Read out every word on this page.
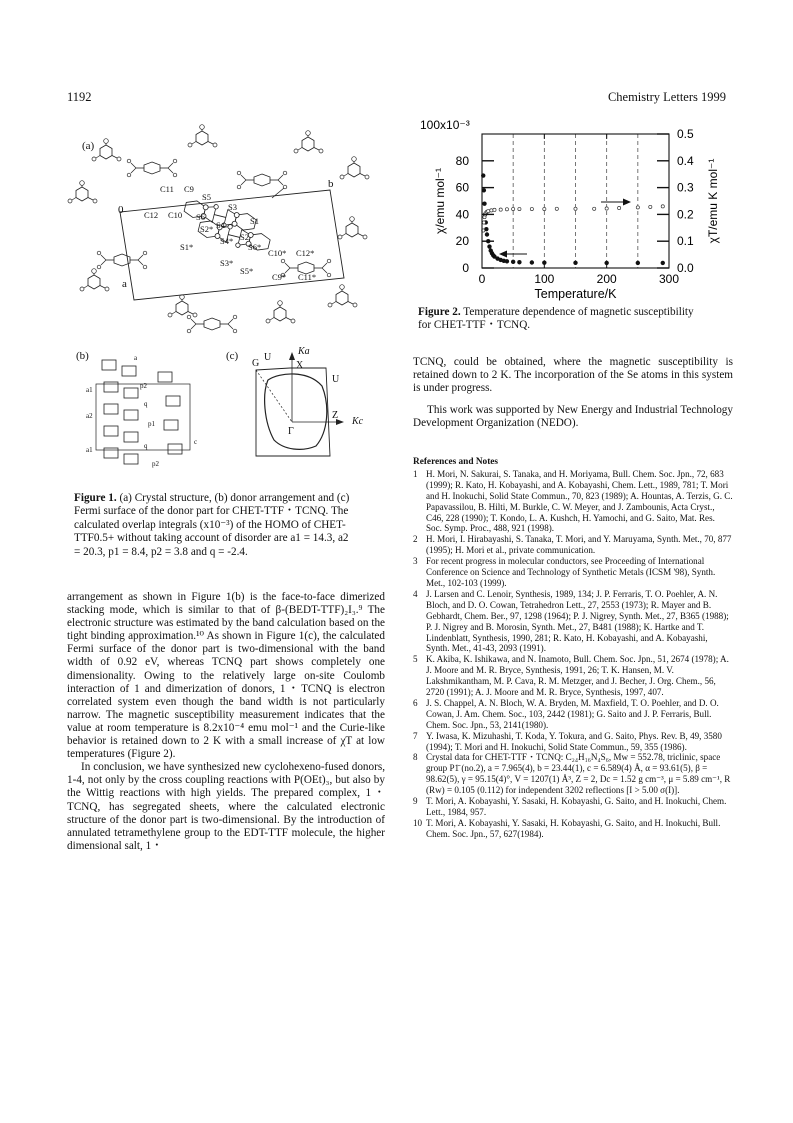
1192	Chemistry Letters 1999
(a)
b
a
0
C11 C9
S5
C12 C10 S6
S3
S4	S1
S2*
S2
S4*
S1*	S6*
C10* C12*
S3*
S5*
C9* C11*
(b)	a
a1	p2
q
a2
p1
c
a1	q
p2
(c)	Ka
Kc
G
U
X
U
Z
Γ
Figure 1. (a) Crystal structure, (b) donor arrangement and (c)
Fermi surface of the donor part for CHET-TTF・TCNQ. The
calculated overlap integrals (x10⁻³) of the HOMO of CHET-
TTF0.5+ without taking account of disorder are a1 = 14.3, a2
= 20.3, p1 = 8.4, p2 = 3.8 and q = -2.4.
0	100	200	300
0
20
40
60
80
0.0
0.1
0.2
0.3
0.4
0.5
Temperature/K
χ/emu mol⁻¹	χT/emu K mol⁻¹
100x10⁻³
Figure 2. Temperature dependence of magnetic susceptibility
for CHET-TTF・TCNQ.

arrangement as shown in Figure 1(b) is the face-to-face dimerized stacking mode, which is similar to that of β-(BEDT-TTF)₂I₃.⁹ The electronic structure was estimated by the band calculation based on the tight binding approximation.¹⁰ As shown in Figure 1(c), the calculated Fermi surface of the donor part is two-dimensional with the band width of 0.92 eV, whereas TCNQ part shows completely one dimensionality. Owing to the relatively large on-site Coulomb interaction of 1 and dimerization of donors, 1・TCNQ is electron correlated system even though the band width is not particularly narrow. The magnetic susceptibility measurement indicates that the value at room temperature is 8.2x10⁻⁴ emu mol⁻¹ and the Curie-like behavior is retained down to 2 K with a small increase of χT at low temperatures (Figure 2).

In conclusion, we have synthesized new cyclohexeno-fused donors, 1-4, not only by the cross coupling reactions with P(OEt)₃, but also by the Wittig reactions with high yields. The prepared complex, 1・TCNQ, has segregated sheets, where the calculated electronic structure of the donor part is two-dimensional. By the introduction of annulated tetramethylene group to the EDT-TTF molecule, the higher dimensional salt, 1・

TCNQ, could be obtained, where the magnetic susceptibility is retained down to 2 K. The incorporation of the Se atoms in this system is under progress.

This work was supported by New Energy and Industrial Technology Development Organization (NEDO).

References and Notes
1 H. Mori, N. Sakurai, S. Tanaka, and H. Moriyama, Bull. Chem. Soc. Jpn., 72, 683 (1999); R. Kato, H. Kobayashi, and A. Kobayashi, Chem. Lett., 1989, 781; T. Mori and H. Inokuchi, Solid State Commun., 70, 823 (1989); A. Hountas, A. Terzis, G. C. Papavassilou, B. Hilti, M. Burkle, C. W. Meyer, and J. Zambounis, Acta Cryst., C46, 228 (1990); T. Kondo, L. A. Kushch, H. Yamochi, and G. Saito, Mat. Res. Soc. Symp. Proc., 488, 921 (1998).
2 H. Mori, I. Hirabayashi, S. Tanaka, T. Mori, and Y. Maruyama, Synth. Met., 70, 877 (1995); H. Mori et al., private communication.
3 For recent progress in molecular conductors, see Proceeding of International Conference on Science and Technology of Synthetic Metals (ICSM '98), Synth. Met., 102-103 (1999).
4 J. Larsen and C. Lenoir, Synthesis, 1989, 134; J. P. Ferraris, T. O. Poehler, A. N. Bloch, and D. O. Cowan, Tetrahedron Lett., 27, 2553 (1973); R. Mayer and B. Gebhardt, Chem. Ber., 97, 1298 (1964); P. J. Nigrey, Synth. Met., 27, B365 (1988); P. J. Nigrey and B. Morosin, Synth. Met., 27, B481 (1988); K. Hartke and T. Lindenblatt, Synthesis, 1990, 281; R. Kato, H. Kobayashi, and A. Kobayashi, Synth. Met., 41-43, 2093 (1991).
5 K. Akiba, K. Ishikawa, and N. Inamoto, Bull. Chem. Soc. Jpn., 51, 2674 (1978); A. J. Moore and M. R. Bryce, Synthesis, 1991, 26; T. K. Hansen, M. V. Lakshmikantham, M. P. Cava, R. M. Metzger, and J. Becher, J. Org. Chem., 56, 2720 (1991); A. J. Moore and M. R. Bryce, Synthesis, 1997, 407.
6 J. S. Chappel, A. N. Bloch, W. A. Bryden, M. Maxfield, T. O. Poehler, and D. O. Cowan, J. Am. Chem. Soc., 103, 2442 (1981); G. Saito and J. P. Ferraris, Bull. Chem. Soc. Jpn., 53, 2141(1980).
7 Y. Iwasa, K. Mizuhashi, T. Koda, Y. Tokura, and G. Saito, Phys. Rev. B, 49, 3580 (1994); T. Mori and H. Inokuchi, Solid State Commun., 59, 355 (1986).
8 Crystal data for CHET-TTF・TCNQ: C₂₄H₁₆N₄S₆, Mw = 552.78, triclinic, space group P1̄ (no.2), a = 7.965(4), b = 23.44(1), c = 6.589(4) Å, α = 93.61(5), β = 98.62(5), γ = 95.15(4)°, V = 1207(1) Å³, Z = 2, Dc = 1.52 g cm⁻³, μ = 5.89 cm⁻¹, R (Rw) = 0.105 (0.112) for independent 3202 reflections [I > 5.00 σ(I)].
9 T. Mori, A. Kobayashi, Y. Sasaki, H. Kobayashi, G. Saito, and H. Inokuchi, Chem. Lett., 1984, 957.
10 T. Mori, A. Kobayashi, Y. Sasaki, H. Kobayashi, G. Saito, and H. Inokuchi, Bull. Chem. Soc. Jpn., 57, 627(1984).
